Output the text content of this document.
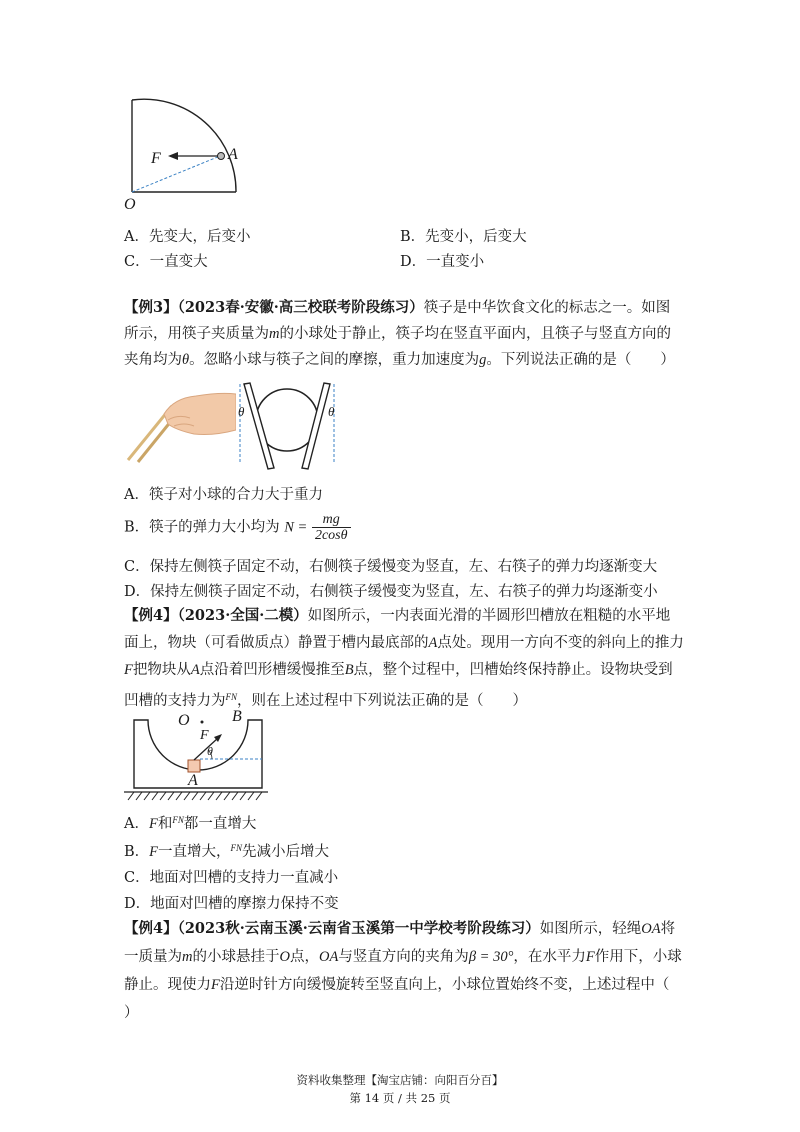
F	A
O
A．先变大，后变小	B．先变小，后变大
C．一直变大	D．一直变小
【例3】（2023春·安徽·高三校联考阶段练习）筷子是中华饮食文化的标志之一。如图所示，用筷子夹质量为m的小球处于静止，筷子均在竖直平面内，且筷子与竖直方向的夹角均为θ。忽略小球与筷子之间的摩擦，重力加速度为g。下列说法正确的是（　　）
θ	θ
A．筷子对小球的合力大于重力
B．筷子的弹力大小均为 $N = \frac{mg}{2\cos\theta}$
C．保持左侧筷子固定不动，右侧筷子缓慢变为竖直，左、右筷子的弹力均逐渐变大
D．保持左侧筷子固定不动，右侧筷子缓慢变为竖直，左、右筷子的弹力均逐渐变小
【例4】（2023·全国·二模）如图所示，一内表面光滑的半圆形凹槽放在粗糙的水平地面上，物块（可看做质点）静置于槽内最底部的A点处。现用一方向不变的斜向上的推力F把物块从A点沿着凹形槽缓慢推至B点，整个过程中，凹槽始终保持静止。设物块受到凹槽的支持力为$^{FN}$，则在上述过程中下列说法正确的是（　　）
O	B
F
θ
A
A．F和$^{FN}$都一直增大
B．F一直增大，$^{FN}$先减小后增大
C．地面对凹槽的支持力一直减小
D．地面对凹槽的摩擦力保持不变
【例4】（2023秋·云南玉溪·云南省玉溪第一中学校考阶段练习）如图所示，轻绳OA将一质量为m的小球悬挂于O点，OA与竖直方向的夹角为β = 30°，在水平力F作用下，小球静止。现使力F沿逆时针方向缓慢旋转至竖直向上，小球位置始终不变，上述过程中（
）
资料收集整理【淘宝店铺：向阳百分百】
第 14 页 / 共 25 页
